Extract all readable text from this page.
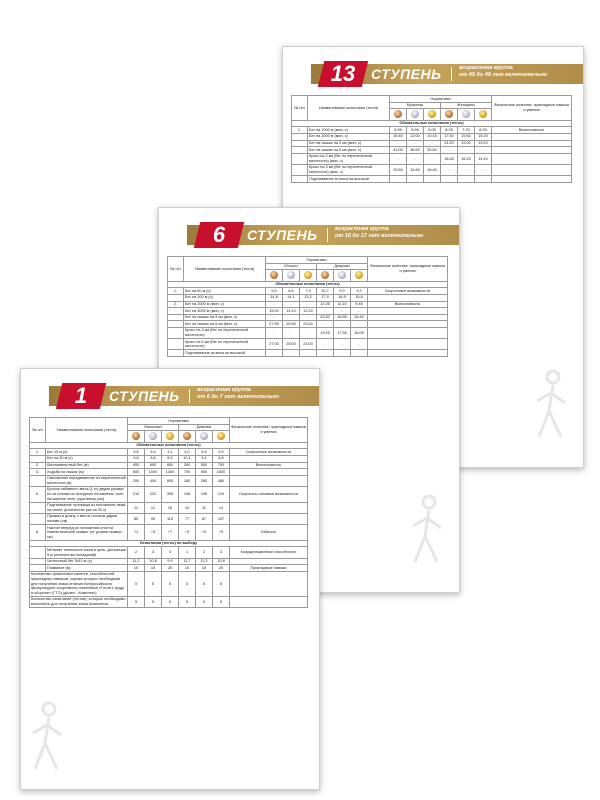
13	СТУПЕНЬ	возрастная группа
от 45 до 49 лет включительно
№ п/п	Наименование испытания (теста)	Нормативы						Физические качества, прикладные навыки и умения
		Мужчины			Женщины			

Обязательные испытания (тесты)								
1.	Бег на 1000 м (мин, с)	6:55	5:55	5:05	8:25	7:20	6:20	Выносливость
	Бег на 2000 м (мин, с)	15:40	12:00	10:15	17:40	15:50	15:20	
	Бег на лыжах на 3 км (мин, с)	-	-	-	24:20	22:00	19:10	
	Бег на лыжах на 5 км (мин, с)	41:00	36:50	30:50	-	-	-	
	Кросс на 2 км (бег по пересеченной местности) (мин, с)	-	-	-	18:28	16:43	14:10	
	Кросс на 3 км (бег по пересеченной местности) (мин, с)	25:50	16:40	16:40	-	-	-	
	Подтягивание из виса на высокой							
6	СТУПЕНЬ	возрастная группа
от 16 до 17 лет включительно
№ п/п	Наименование испытания (теста)	Нормативы						Физические качества, прикладные навыки и умения
		Юноши			Девушки			

Обязательные испытания (тесты)								
1.	Бег на 60 м (с)	9,0	8,8	7,9	10,7	9,9	9,2	Скоростные возможности
	Бег на 100 м (с)	14,8	14,1	13,2	17,9	16,9	15,8	
2.	Бег на 2000 м (мин, с)	-	-	-	12:25	11:10	9:45	Выносливость
	Бег на 3000 м (мин, с)	15:20	14:10	12:20	-	-	-	
	Бег на лыжах на 3 км (мин, с)	-	-	-	20:30	18:55	16:40	
	Бег на лыжах на 5 км (мин, с)	27:55	25:45	23:40	-	-	-	
	Кросс на 3 км (бег по пересеченной местности)	-	-	-	19:25	17:35	16:05	
	Кросс на 5 км (бег по пересеченной местности)	27:00	25:00	23:00	-	-	-	
	Подтягивание из виса на высокой							
1	СТУПЕНЬ	возрастная группа
от 6 до 7 лет включительно
№ п/п	Наименование испытания (теста)	Нормативы						Физические качества, прикладные навыки и умения
		Мальчики			Девочки			

Обязательные испытания (тесты)								
1.	Бег 10 м (с)	5,8	5,4	3,1	4,0	5,6	5,5	Скоростные возможности
	Бег на 30 м (с)	9,6	8,8	8,5	10,1	9,1	8,8	
2.	Шестиминутный бег (м)	400	600	800	300	500	700	Выносливость
3.	Ходьба на лыжах (м)	600	1000	1400	700	900	1500	
	Смешанное передвижение по пересеченной местности (м)	200	400	600	180	280	480	
5.	Бросок набивного мяча (1 кг) двумя руками из-за головы из исходного положения: ноги на ширине плеч, руки внизу (см)	210	222	305	145	155	210	Скоростно-силовые возможности
	Подтягивание туловища из положения лежа на спине (количество раз за 30 с)	11	12	15	10	11	14	
	Прыжок в длину с места толчком двумя ногами (см)	85	95	115	77	87	107	
6.	Наклон вперед из положения стоя на гимнастической скамье (от уровня скамьи - см)	+1	+3	+7	+3	+5	+9	Гибкость
Испытания (тесты) по выбору								
	Метание теннисного мяча в цель, дистанция 5 м (количество попаданий)	2	3	4	1	2	3	Координационные способности
	Челночный бег 3х10 м (с)	11,2	10,8	9,9	11,7	11,3	10,8	
	Плавание (м)	10	15	25	10	15	25	Прикладные навыки
Количество физических качеств, способностей, прикладных навыков, оценка которых необходима для получения знака отличия Всероссийского физкультурно-спортивного комплекса «Готов к труду и обороне» (ГТО) (далее - Комплекс)		5	5	5	5	5	5	
Количество испытаний (тестов), которые необходимо выполнить для получения знака Комплекса		5	5	5	5	5	5	
